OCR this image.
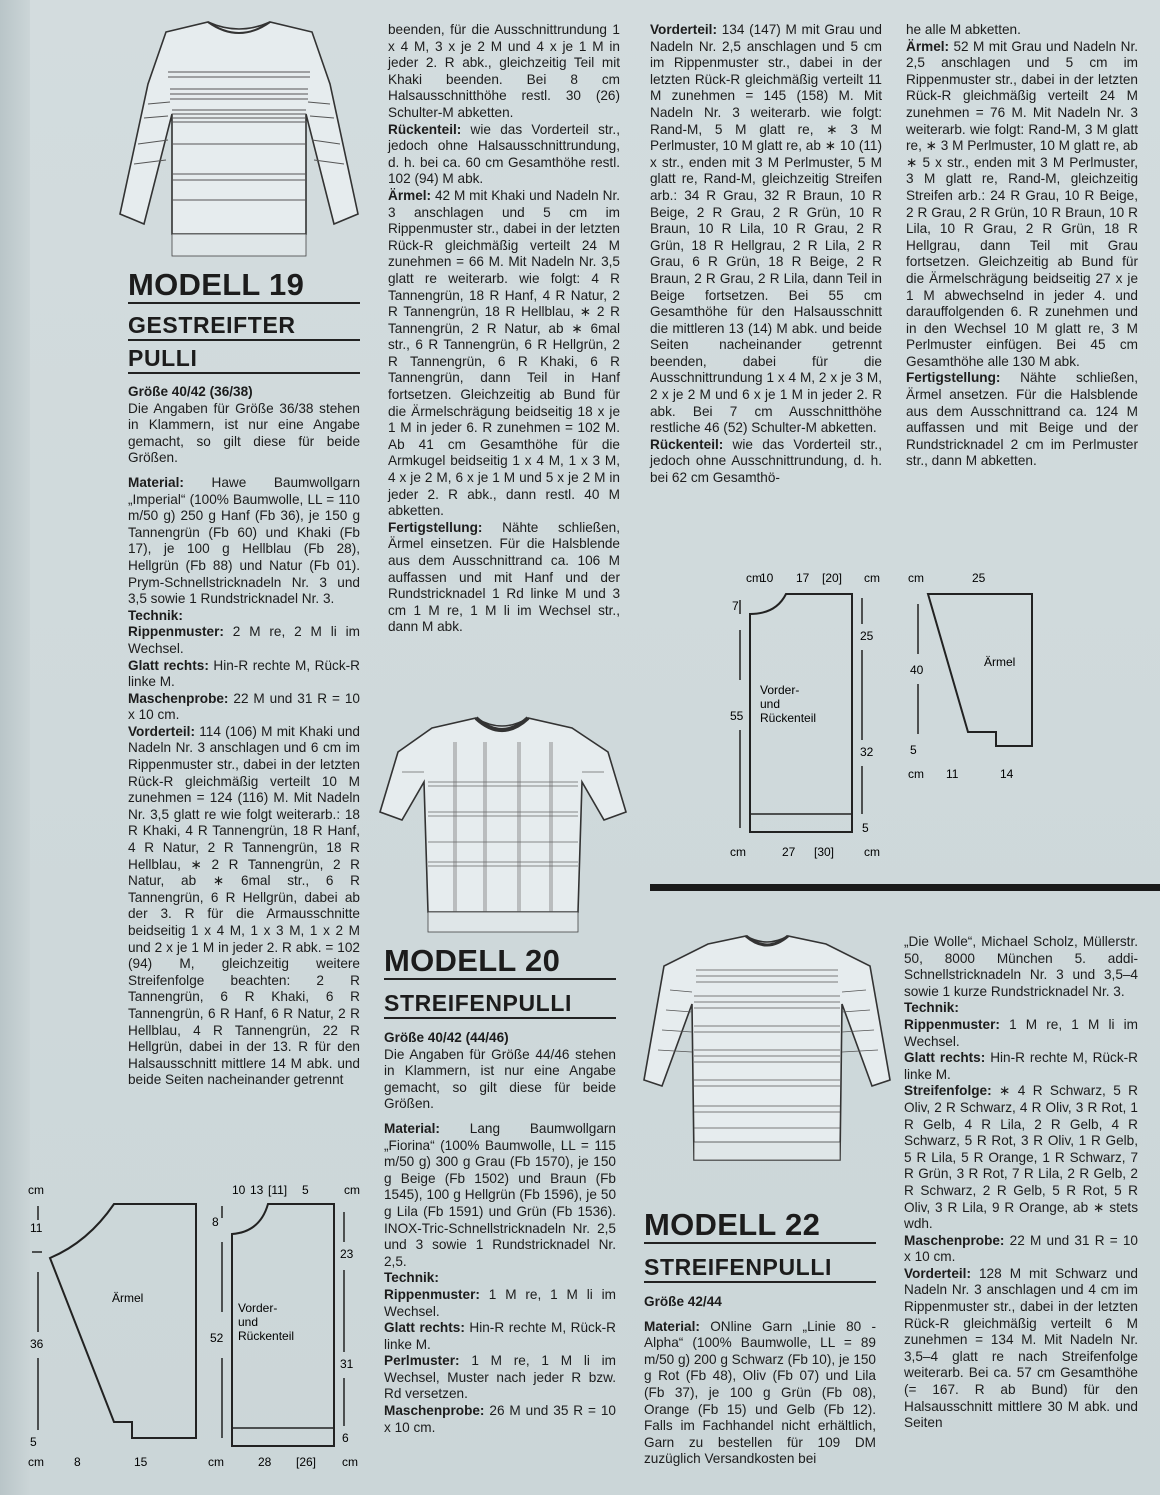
MODELL 19
GESTREIFTER
PULLI

Größe 40/42 (36/38)

Die Angaben für Größe 36/38 stehen in Klammern, ist nur eine Angabe gemacht, so gilt diese für beide Größen.

Material: Hawe Baumwollgarn „Imperial“ (100% Baumwolle, LL = 110 m/50 g) 250 g Hanf (Fb 36), je 150 g Tannengrün (Fb 60) und Khaki (Fb 17), je 100 g Hellblau (Fb 28), Hellgrün (Fb 88) und Natur (Fb 01). Prym-Schnellstricknadeln Nr. 3 und 3,5 sowie 1 Rundstricknadel Nr. 3.

Technik:

Rippenmuster: 2 M re, 2 M li im Wechsel.

Glatt rechts: Hin-R rechte M, Rück-R linke M.

Maschenprobe: 22 M und 31 R = 10 x 10 cm.

Vorderteil: 114 (106) M mit Khaki und Nadeln Nr. 3 anschlagen und 6 cm im Rippenmuster str., dabei in der letzten Rück-R gleichmäßig verteilt 10 M zunehmen = 124 (116) M. Mit Nadeln Nr. 3,5 glatt re wie folgt weiterarb.: 18 R Khaki, 4 R Tannengrün, 18 R Hanf, 4 R Natur, 2 R Tannengrün, 18 R Hellblau, ∗ 2 R Tannengrün, 2 R Natur, ab ∗ 6mal str., 6 R Tannengrün, 6 R Hellgrün, dabei ab der 3. R für die Armausschnitte beidseitig 1 x 4 M, 1 x 3 M, 1 x 2 M und 2 x je 1 M in jeder 2. R abk. = 102 (94) M, gleichzeitig weitere Streifenfolge beachten: 2 R Tannengrün, 6 R Khaki, 6 R Tannengrün, 6 R Hanf, 6 R Natur, 2 R Hellblau, 4 R Tannengrün, 22 R Hellgrün, dabei in der 13. R für den Halsausschnitt mittlere 14 M abk. und beide Seiten nacheinander getrennt

beenden, für die Ausschnittrundung 1 x 4 M, 3 x je 2 M und 4 x je 1 M in jeder 2. R abk., gleichzeitig Teil mit Khaki beenden. Bei 8 cm Halsausschnitthöhe restl. 30 (26) Schulter-M abketten.

Rückenteil: wie das Vorderteil str., jedoch ohne Halsausschnittrundung, d. h. bei ca. 60 cm Gesamthöhe restl. 102 (94) M abk.

Ärmel: 42 M mit Khaki und Nadeln Nr. 3 anschlagen und 5 cm im Rippenmuster str., dabei in der letzten Rück-R gleichmäßig verteilt 24 M zunehmen = 66 M. Mit Nadeln Nr. 3,5 glatt re weiterarb. wie folgt: 4 R Tannengrün, 18 R Hanf, 4 R Natur, 2 R Tannengrün, 18 R Hellblau, ∗ 2 R Tannengrün, 2 R Natur, ab ∗ 6mal str., 6 R Tannengrün, 6 R Hellgrün, 2 R Tannengrün, 6 R Khaki, 6 R Tannengrün, dann Teil in Hanf fortsetzen. Gleichzeitig ab Bund für die Ärmelschrägung beidseitig 18 x je 1 M in jeder 6. R zunehmen = 102 M. Ab 41 cm Gesamthöhe für die Armkugel beidseitig 1 x 4 M, 1 x 3 M, 4 x je 2 M, 6 x je 1 M und 5 x je 2 M in jeder 2. R abk., dann restl. 40 M abketten.

Fertigstellung: Nähte schließen, Ärmel einsetzen. Für die Halsblende aus dem Ausschnittrand ca. 106 M auffassen und mit Hanf und der Rundstricknadel 1 Rd linke M und 3 cm 1 M re, 1 M li im Wechsel str., dann M abk.

MODELL 20
STREIFENPULLI

Größe 40/42 (44/46)

Die Angaben für Größe 44/46 stehen in Klammern, ist nur eine Angabe gemacht, so gilt diese für beide Größen.

Material: Lang Baumwollgarn „Fiorina“ (100% Baumwolle, LL = 115 m/50 g) 300 g Grau (Fb 1570), je 150 g Beige (Fb 1502) und Braun (Fb 1545), 100 g Hellgrün (Fb 1596), je 50 g Lila (Fb 1591) und Grün (Fb 1536). INOX-Tric-Schnellstricknadeln Nr. 2,5 und 3 sowie 1 Rundstricknadel Nr. 2,5.

Technik:

Rippenmuster: 1 M re, 1 M li im Wechsel.

Glatt rechts: Hin-R rechte M, Rück-R linke M.

Perlmuster: 1 M re, 1 M li im Wechsel, Muster nach jeder R bzw. Rd versetzen.

Maschenprobe: 26 M und 35 R = 10 x 10 cm.

Vorderteil: 134 (147) M mit Grau und Nadeln Nr. 2,5 anschlagen und 5 cm im Rippenmuster str., dabei in der letzten Rück-R gleichmäßig verteilt 11 M zunehmen = 145 (158) M. Mit Nadeln Nr. 3 weiterarb. wie folgt: Rand-M, 5 M glatt re, ∗ 3 M Perlmuster, 10 M glatt re, ab ∗ 10 (11) x str., enden mit 3 M Perlmuster, 5 M glatt re, Rand-M, gleichzeitig Streifen arb.: 34 R Grau, 32 R Braun, 10 R Beige, 2 R Grau, 2 R Grün, 10 R Braun, 10 R Lila, 10 R Grau, 2 R Grün, 18 R Hellgrau, 2 R Lila, 2 R Grau, 6 R Grün, 18 R Beige, 2 R Braun, 2 R Grau, 2 R Lila, dann Teil in Beige fortsetzen. Bei 55 cm Gesamthöhe für den Halsausschnitt die mittleren 13 (14) M abk. und beide Seiten nacheinander getrennt beenden, dabei für die Ausschnittrundung 1 x 4 M, 2 x je 3 M, 2 x je 2 M und 6 x je 1 M in jeder 2. R abk. Bei 7 cm Ausschnitthöhe restliche 46 (52) Schulter-M abketten.

Rückenteil: wie das Vorderteil str., jedoch ohne Ausschnittrundung, d. h. bei 62 cm Gesamthö-

he alle M abketten.

Ärmel: 52 M mit Grau und Nadeln Nr. 2,5 anschlagen und 5 cm im Rippenmuster str., dabei in der letzten Rück-R gleichmäßig verteilt 24 M zunehmen = 76 M. Mit Nadeln Nr. 3 weiterarb. wie folgt: Rand-M, 3 M glatt re, ∗ 3 M Perlmuster, 10 M glatt re, ab ∗ 5 x str., enden mit 3 M Perlmuster, 3 M glatt re, Rand-M, gleichzeitig Streifen arb.: 24 R Grau, 10 R Beige, 2 R Grau, 2 R Grün, 10 R Braun, 10 R Lila, 10 R Grau, 2 R Grün, 18 R Hellgrau, dann Teil mit Grau fortsetzen. Gleichzeitig ab Bund für die Ärmelschrägung beidseitig 27 x je 1 M abwechselnd in jeder 4. und darauffolgenden 6. R zunehmen und in den Wechsel 10 M glatt re, 3 M Perlmuster einfügen. Bei 45 cm Gesamthöhe alle 130 M abk.

Fertigstellung: Nähte schließen, Ärmel ansetzen. Für die Halsblende aus dem Ausschnittrand ca. 124 M auffassen und mit Beige und der Rundstricknadel 2 cm im Perlmuster str., dann M abketten.

cm
10 17 [20] cm
7
55
25
32
5
Vorder-
und
Rückenteil
cm	27 [30] cm
cm	25
40
5
Ärmel
cm 11	14
MODELL 22
STREIFENPULLI

Größe 42/44

Material: ONline Garn „Linie 80 - Alpha“ (100% Baumwolle, LL = 89 m/50 g) 200 g Schwarz (Fb 10), je 150 g Rot (Fb 48), Oliv (Fb 07) und Lila (Fb 37), je 100 g Grün (Fb 08), Orange (Fb 15) und Gelb (Fb 12). Falls im Fachhandel nicht erhältlich, Garn zu bestellen für 109 DM zuzüglich Versandkosten bei

„Die Wolle“, Michael Scholz, Müllerstr. 50, 8000 München 5. addi-Schnellstricknadeln Nr. 3 und 3,5–4 sowie 1 kurze Rundstricknadel Nr. 3.

Technik:

Rippenmuster: 1 M re, 1 M li im Wechsel.

Glatt rechts: Hin-R rechte M, Rück-R linke M.

Streifenfolge: ∗ 4 R Schwarz, 5 R Oliv, 2 R Schwarz, 4 R Oliv, 3 R Rot, 1 R Gelb, 4 R Lila, 2 R Gelb, 4 R Schwarz, 5 R Rot, 3 R Oliv, 1 R Gelb, 5 R Lila, 5 R Orange, 1 R Schwarz, 7 R Grün, 3 R Rot, 7 R Lila, 2 R Gelb, 2 R Schwarz, 2 R Gelb, 5 R Rot, 5 R Oliv, 3 R Lila, 9 R Orange, ab ∗ stets wdh.

Maschenprobe: 22 M und 31 R = 10 x 10 cm.

Vorderteil: 128 M mit Schwarz und Nadeln Nr. 3 anschlagen und 4 cm im Rippenmuster str., dabei in der letzten Rück-R gleichmäßig verteilt 6 M zunehmen = 134 M. Mit Nadeln Nr. 3,5–4 glatt re nach Streifenfolge weiterarb. Bei ca. 57 cm Gesamthöhe (= 167. R ab Bund) für den Halsausschnitt mittlere 30 M abk. und Seiten

cm
11
36
5
Ärmel
cm	8	15
10 13 [11] 5	cm
8
52
23
31
6
Vorder-
und
Rückenteil
cm	28 [26] cm
